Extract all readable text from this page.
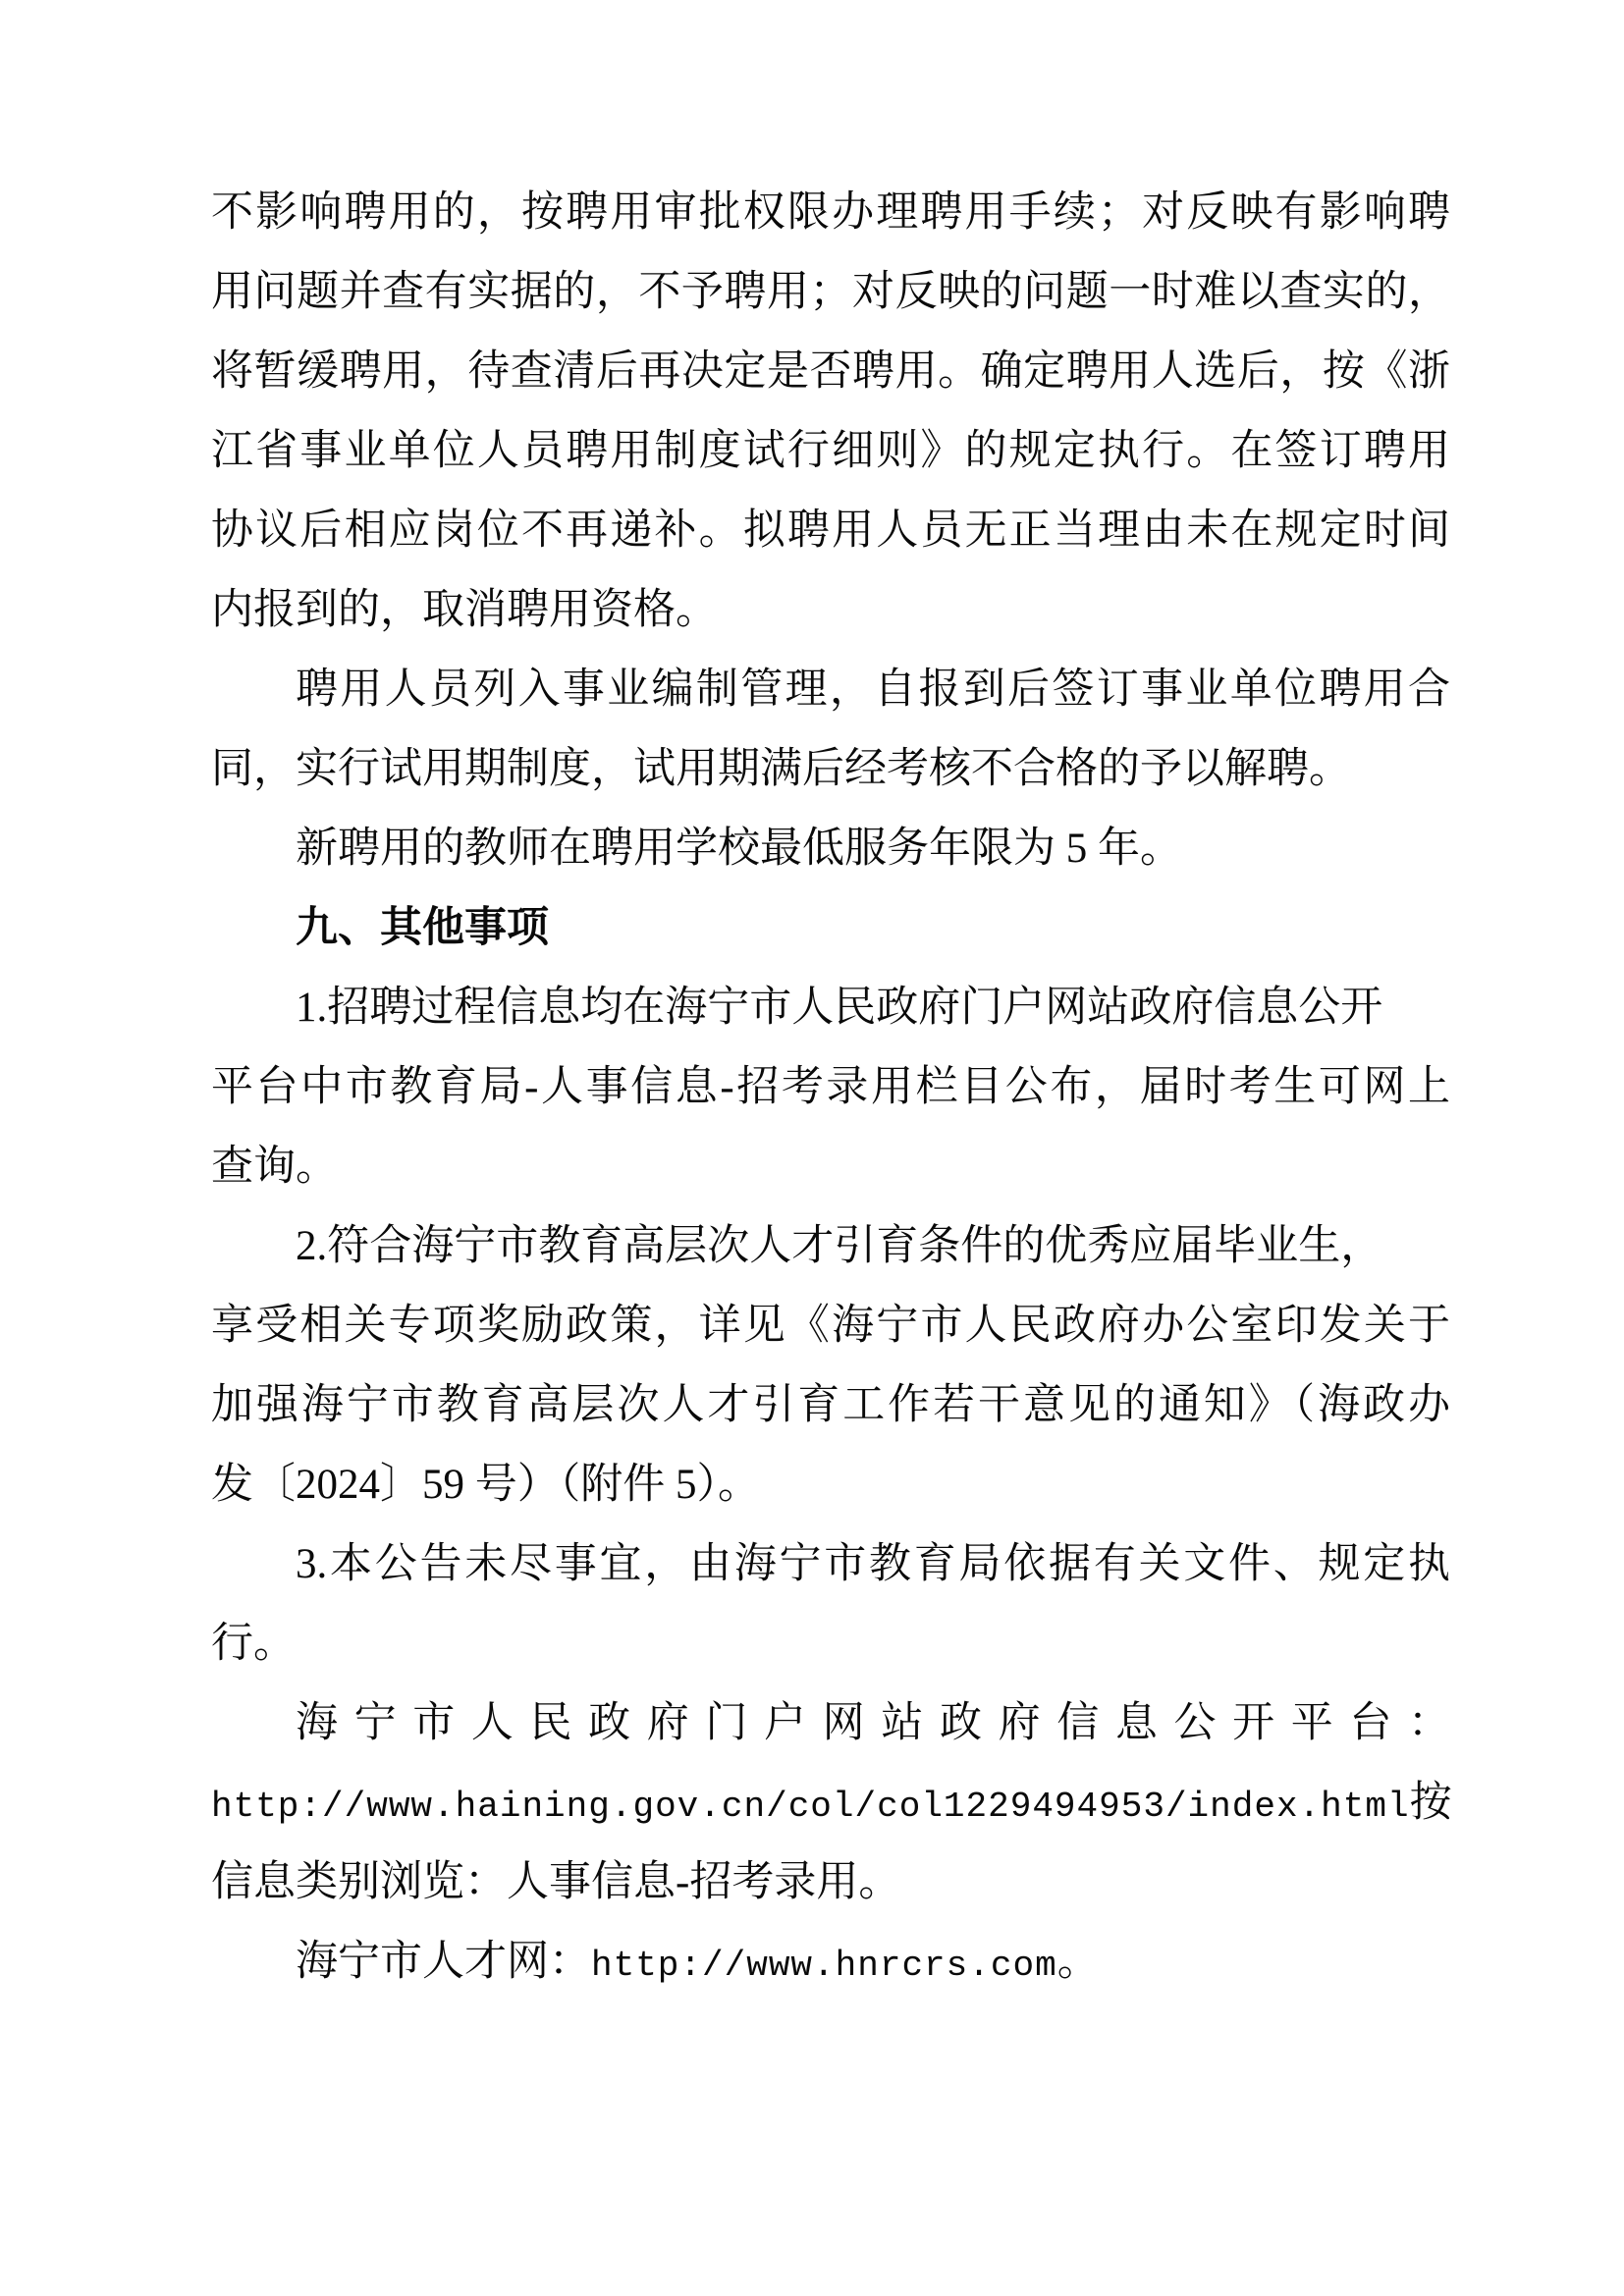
不影响聘用的，按聘用审批权限办理聘用手续；对反映有影响聘
用问题并查有实据的，不予聘用；对反映的问题一时难以查实的，
将暂缓聘用，待查清后再决定是否聘用。确定聘用人选后，按《浙
江省事业单位人员聘用制度试行细则》的规定执行。在签订聘用
协议后相应岗位不再递补。拟聘用人员无正当理由未在规定时间
内报到的，取消聘用资格。
聘用人员列入事业编制管理，自报到后签订事业单位聘用合
同，实行试用期制度，试用期满后经考核不合格的予以解聘。
新聘用的教师在聘用学校最低服务年限为 5 年。
九、其他事项
1.招聘过程信息均在海宁市人民政府门户网站政府信息公开
平台中市教育局-人事信息-招考录用栏目公布，届时考生可网上
查询。
2.符合海宁市教育高层次人才引育条件的优秀应届毕业生，
享受相关专项奖励政策，详见《海宁市人民政府办公室印发关于
加强海宁市教育高层次人才引育工作若干意见的通知》（海政办
发〔2024〕59 号）（附件 5）。
3.本公告未尽事宜，由海宁市教育局依据有关文件、规定执
行。
海宁市人民政府门户网站政府信息公开平台：
http://www.haining.gov.cn/col/col1229494953/index.html 按
信息类别浏览：人事信息-招考录用。
海宁市人才网：http://www.hnrcrs.com。
